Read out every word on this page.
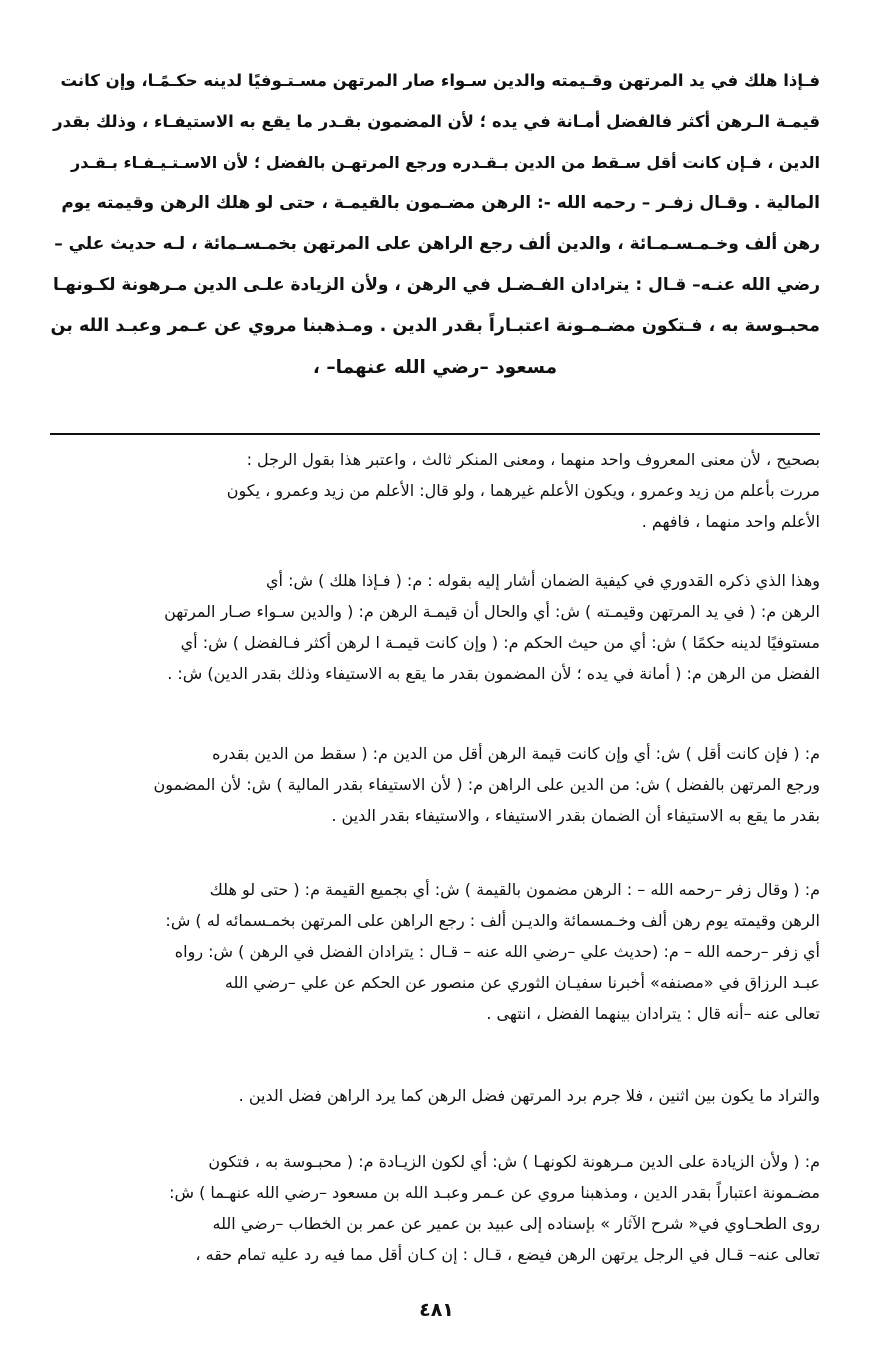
فـإذا هلك في يد المرتهن وقـيمته والدين سـواء صار المرتهن مسـتـوفيًا لدينه حكـمًـا، وإن كانت
قيمـة الـرهن أكثر فالفضل أمـانة في يده ؛ لأن المضمون بقـدر ما يقع به الاستيفـاء ، وذلك بقدر
الدين ، فـإن كانت أقل سـقط من الدين بـقـدره ورجع المرتهـن بالفضل ؛ لأن الاسـتـيـفـاء بـقـدر
المالية . وقـال زفـر – رحمه الله -: الرهن مضـمون بالقيمـة ، حتى لو هلك الرهن وقيمته يوم
رهن ألف وخـمـسـمـائة ، والدين ألف رجع الراهن على المرتهن بخمـسـمائة ، لـه حديث علي –
رضي الله عنـه– قـال : يترادان الفـضـل في الرهن ، ولأن الزيادة علـى الدين مـرهونة لكـونهـا
محبـوسة به ، فـتكون مضـمـونة اعتبـاراً بقدر الدين . ومـذهبنا مروي عن عـمر وعبـد الله بن
مسعود –رضي الله عنهما– ،
بصحيح ، لأن معنى المعروف واحد منهما ، ومعنى المنكر ثالث ، واعتبر هذا بقول الرجل :
مررت بأعلم من زيد وعمرو ، ويكون الأعلم غيرهما ، ولو قال: الأعلم من زيد وعمرو ، يكون
الأعلم واحد منهما ، فافهم .
وهذا الذي ذكره القدوري في كيفية الضمان أشار إليه بقوله : م: ( فـإذا هلك ) ش: أي
الرهن م: ( في يد المرتهن وقيمـته ) ش: أي والحال أن قيمـة الرهن م: ( والدين سـواء صـار المرتهن
مستوفيًا لدينه حكمًا ) ش: أي من حيث الحكم م: ( وإن كانت قيمـة ا لرهن أكثر فـالفضل ) ش: أي
الفضل من الرهن م: ( أمانة في يده ؛ لأن المضمون بقدر ما يقع به الاستيفاء وذلك بقدر الدين) ش: .
م: ( فإن كانت أقل ) ش: أي وإن كانت قيمة الرهن أقل من الدين م: ( سقط من الدين بقدره
ورجع المرتهن بالفضل ) ش: من الدين على الراهن م: ( لأن الاستيفاء بقدر المالية ) ش: لأن المضمون
بقدر ما يقع به الاستيفاء أن الضمان بقدر الاستيفاء ، والاستيفاء بقدر الدين .
م: ( وقال زفر –رحمه الله – : الرهن مضمون بالقيمة ) ش: أي بجميع القيمة م: ( حتى لو هلك
الرهن وقيمته يوم رهن ألف وخـمسمائة والديـن ألف : رجع الراهن على المرتهن بخمـسمائه له ) ش:
أي زفر –رحمه الله – م: (حديث علي –رضي الله عنه – قـال : يترادان الفضل في الرهن ) ش: رواه
عبـد الرزاق في «مصنفه» أخبرنا سفيـان الثوري عن منصور عن الحكم عن علي –رضي الله
تعالى عنه –أنه قال : يترادان بينهما الفضل ، انتهى .
والتراد ما يكون بين اثنين ، فلا جرم برد المرتهن فضل الرهن كما يرد الراهن فضل الدين .
م: ( ولأن الزيادة على الدين مـرهونة لكونهـا ) ش: أي لكون الزيـادة م: ( محبـوسة به ، فتكون
مضـمونة اعتباراً بقدر الدين ، ومذهبنا مروي عن عـمر وعبـد الله بن مسعود –رضي الله عنهـما ) ش:
روى الطحـاوي في« شرح الآثار » بإسناده إلى عبيد بن عمير عن عمر بن الخطاب –رضي الله
تعالى عنه– قـال في الرجل يرتهن الرهن فيضع ، قـال : إن كـان أقل مما فيه رد عليه تمام حقه ،
٤٨١
